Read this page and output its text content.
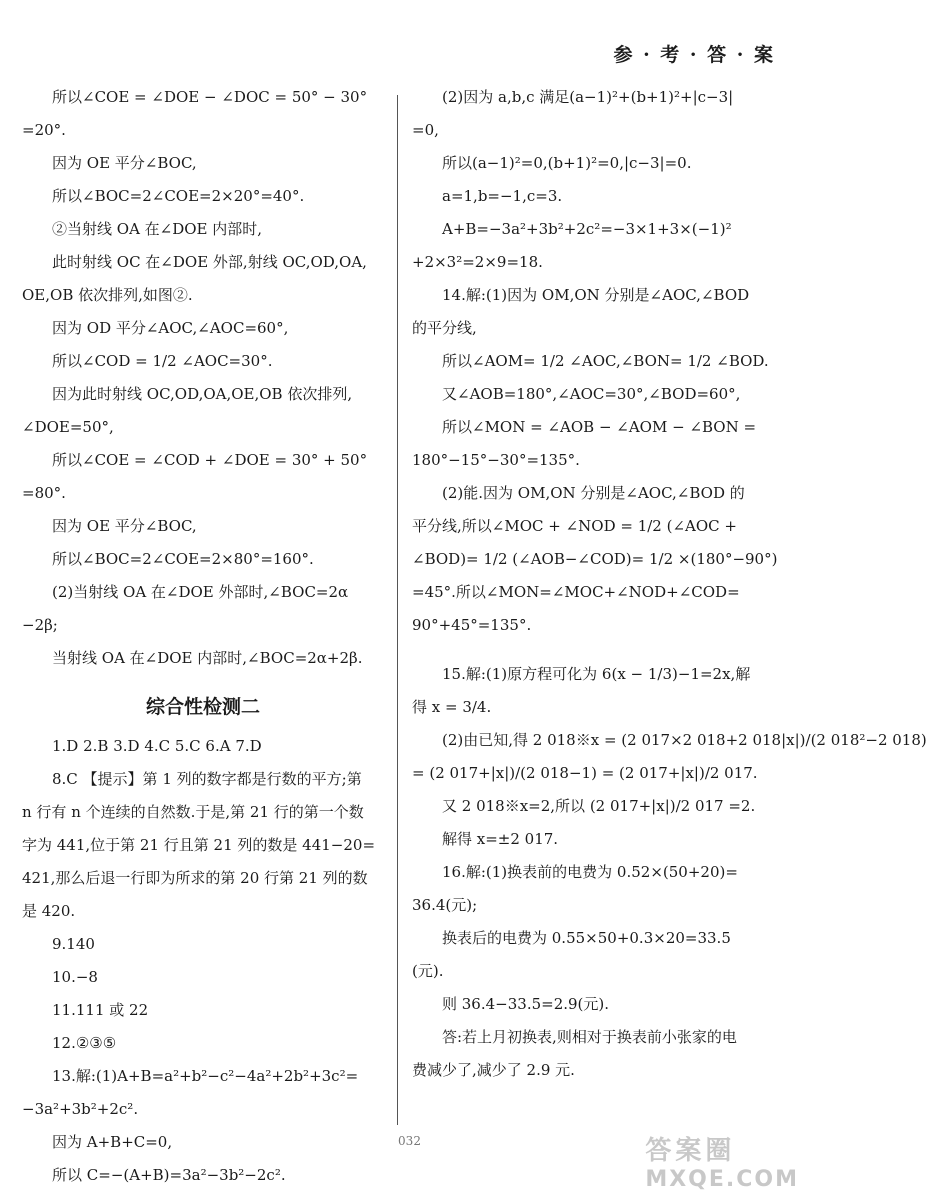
参 · 考 · 答 · 案
所以∠COE = ∠DOE − ∠DOC = 50° − 30°
=20°.
因为 OE 平分∠BOC,
所以∠BOC=2∠COE=2×20°=40°.
②当射线 OA 在∠DOE 内部时,
此时射线 OC 在∠DOE 外部,射线 OC,OD,OA,
OE,OB 依次排列,如图②.
因为 OD 平分∠AOC,∠AOC=60°,
所以∠COD = 1/2 ∠AOC=30°.
因为此时射线 OC,OD,OA,OE,OB 依次排列,
∠DOE=50°,
所以∠COE = ∠COD + ∠DOE = 30° + 50°
=80°.
因为 OE 平分∠BOC,
所以∠BOC=2∠COE=2×80°=160°.
(2)当射线 OA 在∠DOE 外部时,∠BOC=2α
−2β;
当射线 OA 在∠DOE 内部时,∠BOC=2α+2β.
综合性检测二
1.D 2.B 3.D 4.C 5.C 6.A 7.D
8.C 【提示】第 1 列的数字都是行数的平方;第
n 行有 n 个连续的自然数.于是,第 21 行的第一个数
字为 441,位于第 21 行且第 21 列的数是 441−20=
421,那么后退一行即为所求的第 20 行第 21 列的数
是 420.
9.140
10.−8
11.111 或 22
12.②③⑤
13.解:(1)A+B=a²+b²−c²−4a²+2b²+3c²=
−3a²+3b²+2c².
因为 A+B+C=0,
所以 C=−(A+B)=3a²−3b²−2c².
(2)因为 a,b,c 满足(a−1)²+(b+1)²+|c−3|
=0,
所以(a−1)²=0,(b+1)²=0,|c−3|=0.
a=1,b=−1,c=3.
A+B=−3a²+3b²+2c²=−3×1+3×(−1)²
+2×3²=2×9=18.
14.解:(1)因为 OM,ON 分别是∠AOC,∠BOD
的平分线,
所以∠AOM= 1/2 ∠AOC,∠BON= 1/2 ∠BOD.
又∠AOB=180°,∠AOC=30°,∠BOD=60°,
所以∠MON = ∠AOB − ∠AOM − ∠BON =
180°−15°−30°=135°.
(2)能.因为 OM,ON 分别是∠AOC,∠BOD 的
平分线,所以∠MOC + ∠NOD = 1/2 (∠AOC +
∠BOD)= 1/2 (∠AOB−∠COD)= 1/2 ×(180°−90°)
=45°.所以∠MON=∠MOC+∠NOD+∠COD=
90°+45°=135°.
15.解:(1)原方程可化为 6(x − 1/3)−1=2x,解
得 x = 3/4.
(2)由已知,得 2 018※x = (2 017×2 018+2 018|x|)/(2 018²−2 018)
= (2 017+|x|)/(2 018−1) = (2 017+|x|)/2 017.
又 2 018※x=2,所以 (2 017+|x|)/2 017 =2.
解得 x=±2 017.
16.解:(1)换表前的电费为 0.52×(50+20)=
36.4(元);
换表后的电费为 0.55×50+0.3×20=33.5
(元).
则 36.4−33.5=2.9(元).
答:若上月初换表,则相对于换表前小张家的电
费减少了,减少了 2.9 元.
032	答案圈
MXQE.COM
